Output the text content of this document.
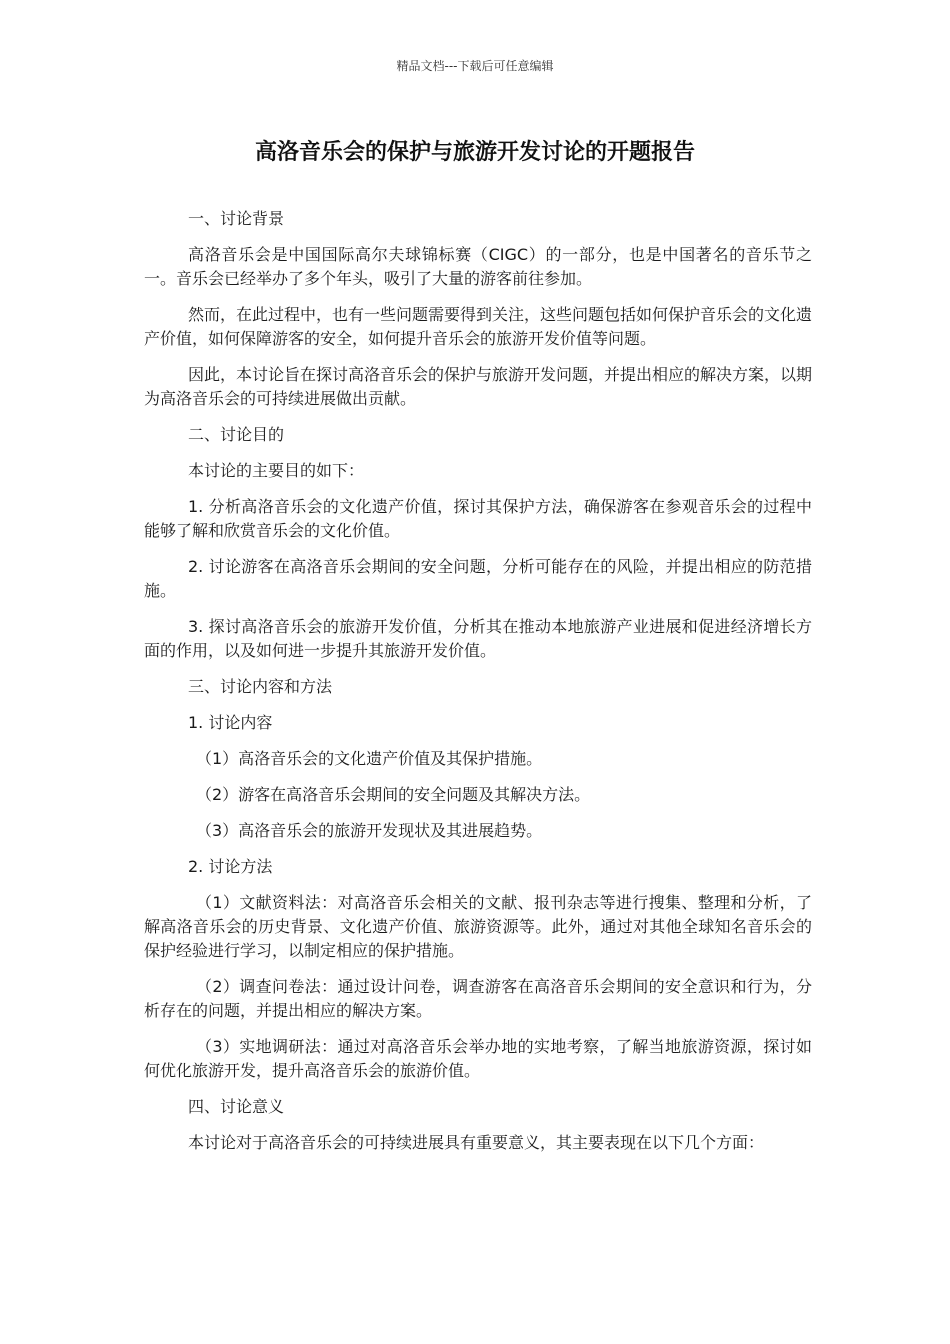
精品文档---下载后可任意编辑
高洛音乐会的保护与旅游开发讨论的开题报告

一、讨论背景

高洛音乐会是中国国际高尔夫球锦标赛（CIGC）的一部分，也是中国著名的音乐节之一。音乐会已经举办了多个年头，吸引了大量的游客前往参加。

然而，在此过程中，也有一些问题需要得到关注，这些问题包括如何保护音乐会的文化遗产价值，如何保障游客的安全，如何提升音乐会的旅游开发价值等问题。

因此，本讨论旨在探讨高洛音乐会的保护与旅游开发问题，并提出相应的解决方案，以期为高洛音乐会的可持续进展做出贡献。

二、讨论目的

本讨论的主要目的如下：

1. 分析高洛音乐会的文化遗产价值，探讨其保护方法，确保游客在参观音乐会的过程中能够了解和欣赏音乐会的文化价值。

2. 讨论游客在高洛音乐会期间的安全问题，分析可能存在的风险，并提出相应的防范措施。

3. 探讨高洛音乐会的旅游开发价值，分析其在推动本地旅游产业进展和促进经济增长方面的作用，以及如何进一步提升其旅游开发价值。

三、讨论内容和方法

1. 讨论内容

（1）高洛音乐会的文化遗产价值及其保护措施。

（2）游客在高洛音乐会期间的安全问题及其解决方法。

（3）高洛音乐会的旅游开发现状及其进展趋势。

2. 讨论方法

（1）文献资料法：对高洛音乐会相关的文献、报刊杂志等进行搜集、整理和分析，了解高洛音乐会的历史背景、文化遗产价值、旅游资源等。此外，通过对其他全球知名音乐会的保护经验进行学习，以制定相应的保护措施。

（2）调查问卷法：通过设计问卷，调查游客在高洛音乐会期间的安全意识和行为，分析存在的问题，并提出相应的解决方案。

（3）实地调研法：通过对高洛音乐会举办地的实地考察，了解当地旅游资源，探讨如何优化旅游开发，提升高洛音乐会的旅游价值。

四、讨论意义

本讨论对于高洛音乐会的可持续进展具有重要意义，其主要表现在以下几个方面：
